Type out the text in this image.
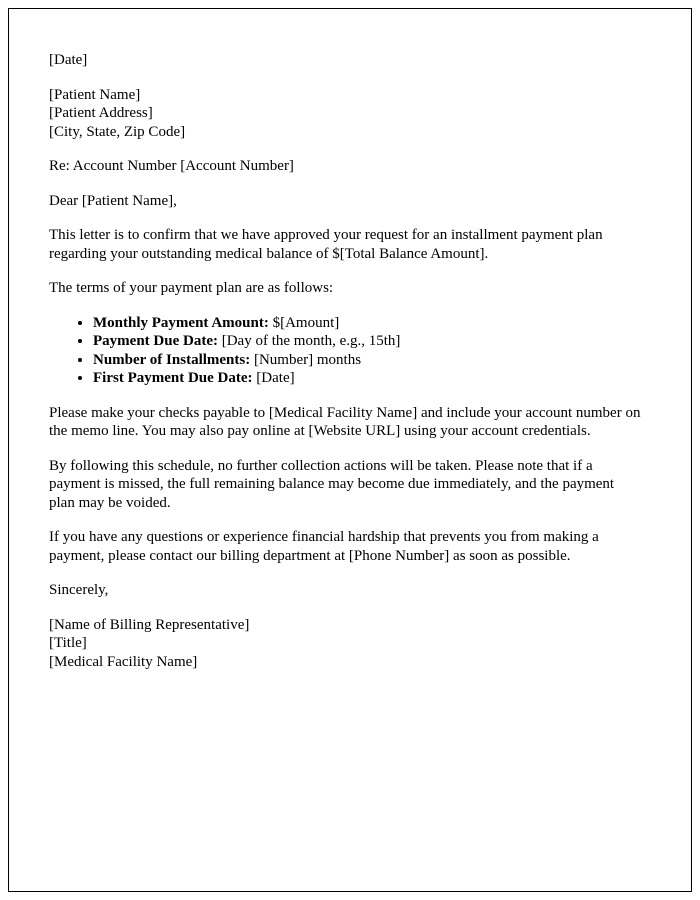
[Date]

[Patient Name]

[Patient Address]

[City, State, Zip Code]

Re: Account Number [Account Number]

Dear [Patient Name],

This letter is to confirm that we have approved your request for an installment payment plan regarding your outstanding medical balance of $[Total Balance Amount].

The terms of your payment plan are as follows:

• Monthly Payment Amount: $[Amount]
• Payment Due Date: [Day of the month, e.g., 15th]
• Number of Installments: [Number] months
• First Payment Due Date: [Date]

Please make your checks payable to [Medical Facility Name] and include your account number on the memo line. You may also pay online at [Website URL] using your account credentials.

By following this schedule, no further collection actions will be taken. Please note that if a payment is missed, the full remaining balance may become due immediately, and the payment plan may be voided.

If you have any questions or experience financial hardship that prevents you from making a payment, please contact our billing department at [Phone Number] as soon as possible.

Sincerely,

[Name of Billing Representative]

[Title]

[Medical Facility Name]
